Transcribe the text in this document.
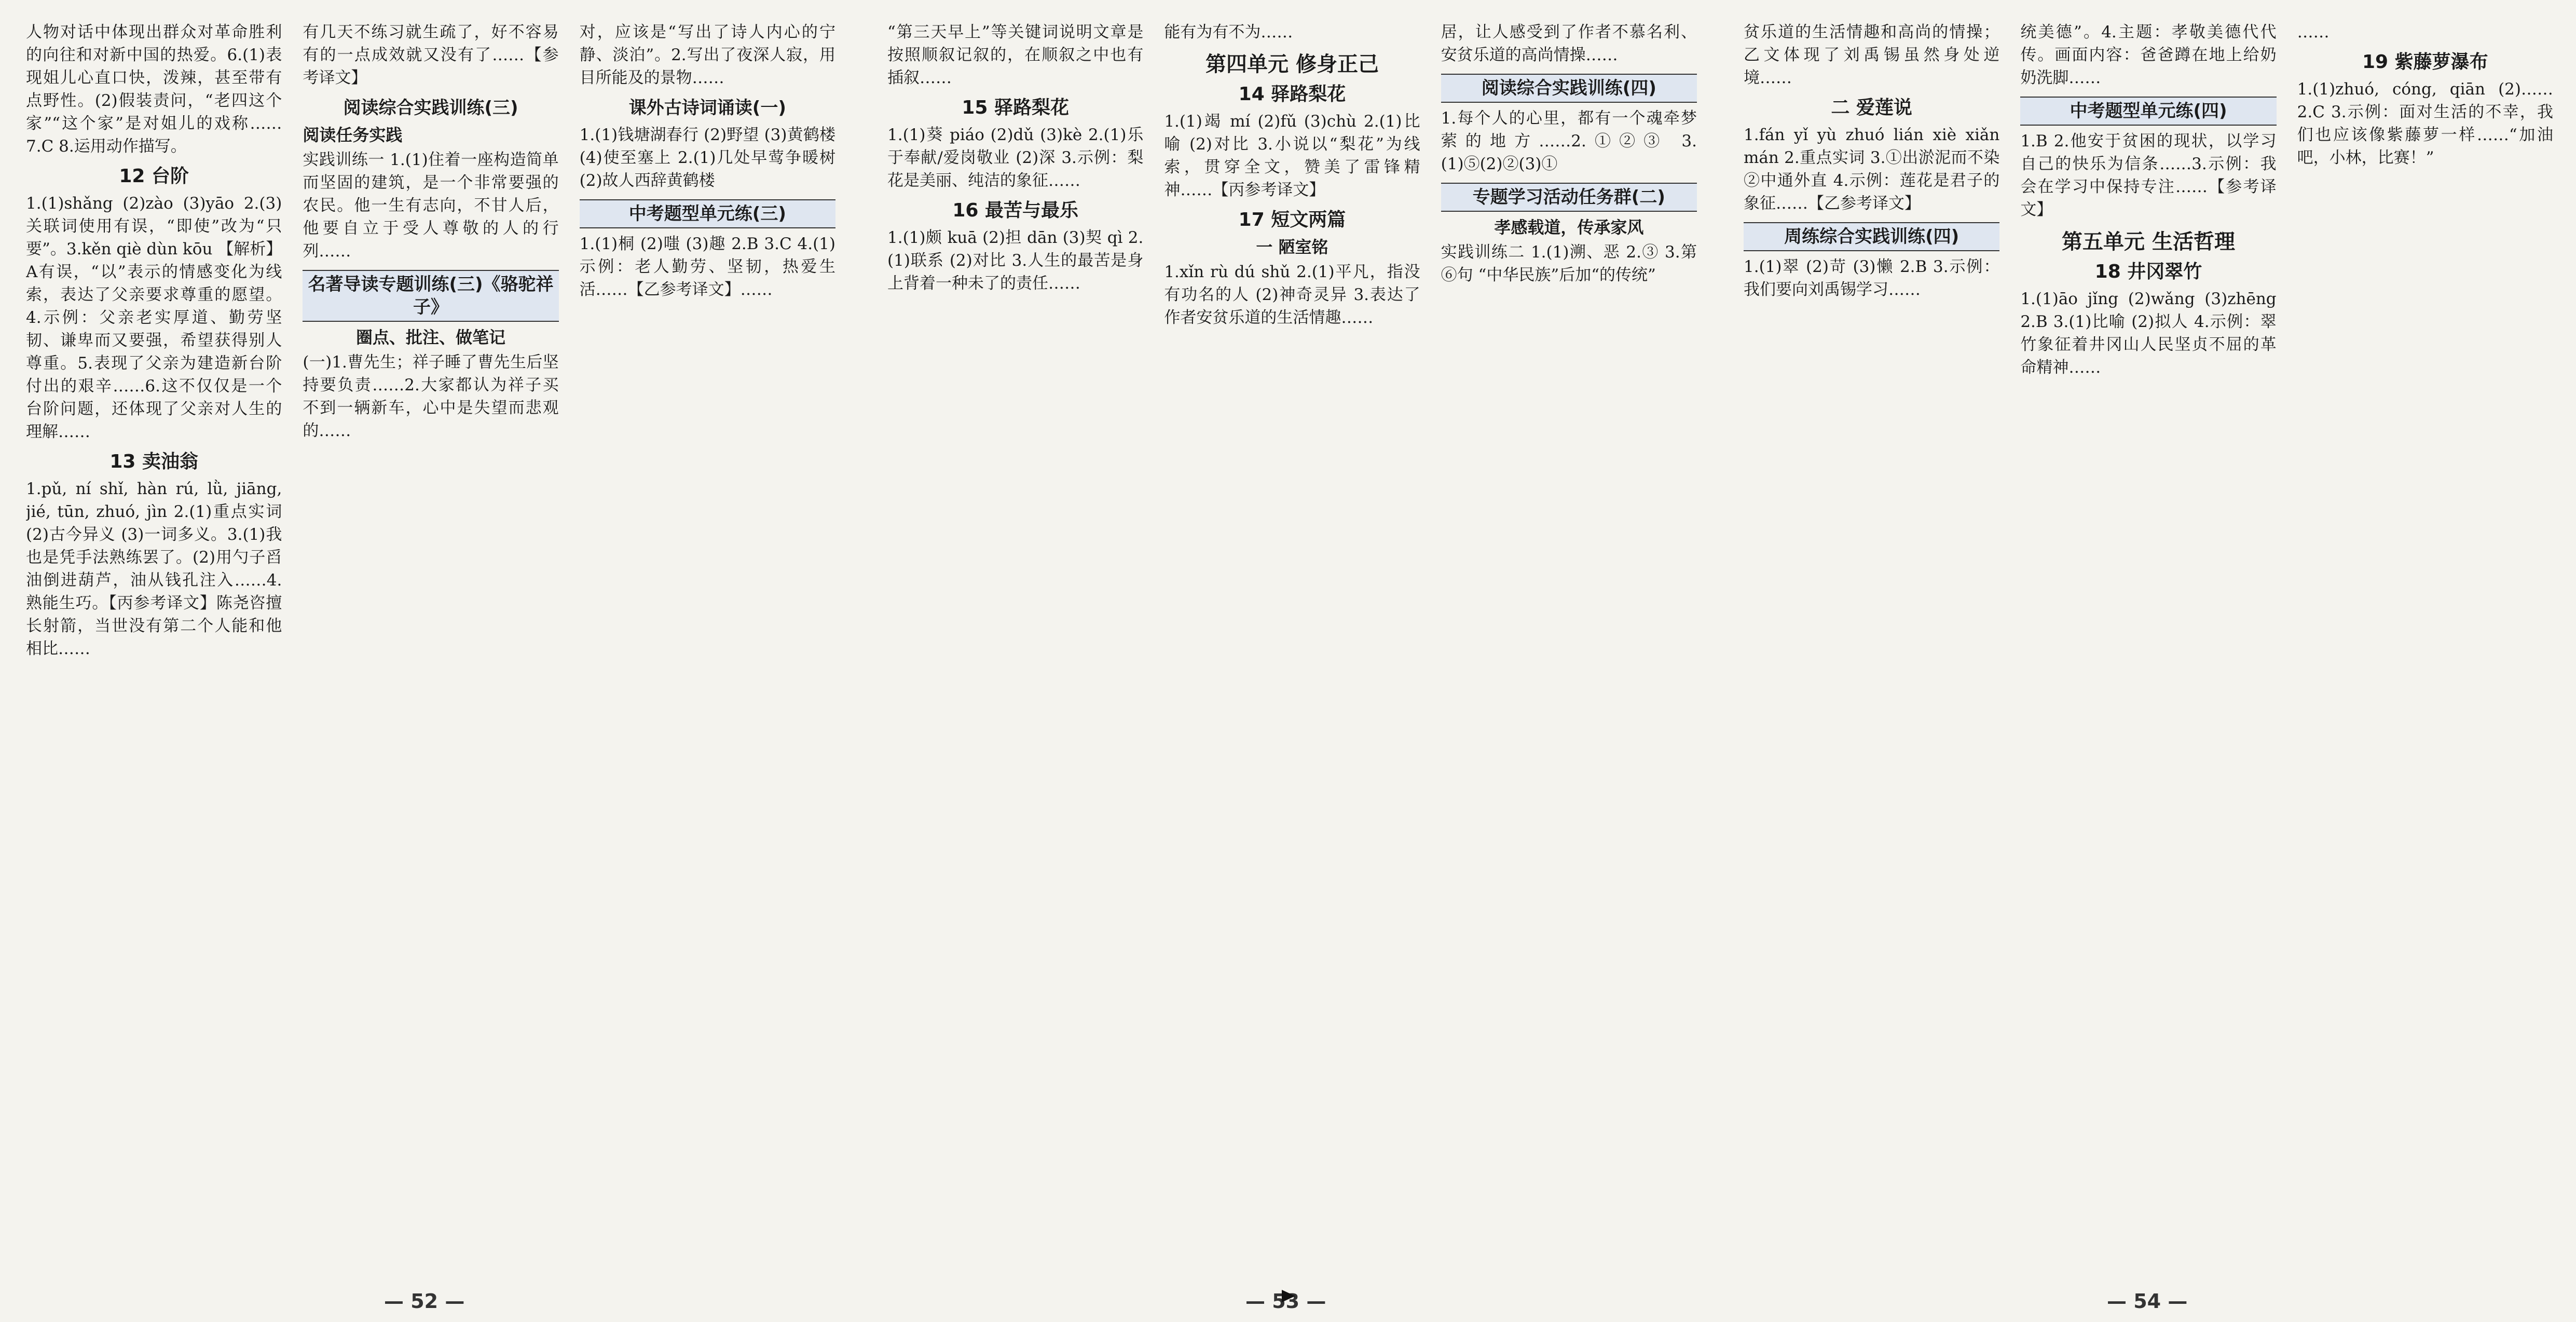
人物对话中体现出群众对革命胜利的向往和对新中国的热爱。6.(1)表现姐儿心直口快，泼辣，甚至带有点野性。(2)假装责问，“老四这个家”“这个家”是对姐儿的戏称……7.C 8.运用动作描写。

12 台阶

1.(1)shǎng (2)zào (3)yāo 2.(3)关联词使用有误，“即使”改为“只要”。3.kěn qiè dùn kōu 【解析】A有误，“以”表示的情感变化为线索，表达了父亲要求尊重的愿望。4.示例：父亲老实厚道、勤劳坚韧、谦卑而又要强，希望获得别人尊重。5.表现了父亲为建造新台阶付出的艰辛……6.这不仅仅是一个台阶问题，还体现了父亲对人生的理解……

13 卖油翁

1.pǔ, ní shǐ, hàn rú, lǜ, jiāng, jié, tūn, zhuó, jìn 2.(1)重点实词 (2)古今异义 (3)一词多义。3.(1)我也是凭手法熟练罢了。(2)用勺子舀油倒进葫芦，油从钱孔注入……4.熟能生巧。【丙参考译文】陈尧咨擅长射箭，当世没有第二个人能和他相比……

有几天不练习就生疏了，好不容易有的一点成效就又没有了……【参考译文】

阅读综合实践训练(三)
阅读任务实践

实践训练一 1.(1)住着一座构造简单而坚固的建筑，是一个非常要强的农民。他一生有志向，不甘人后，他要自立于受人尊敬的人的行列……

名著导读专题训练(三)《骆驼祥子》
圈点、批注、做笔记

(一)1.曹先生；祥子睡了曹先生后坚持要负责……2.大家都认为祥子买不到一辆新车，心中是失望而悲观的……

对，应该是“写出了诗人内心的宁静、淡泊”。2.写出了夜深人寂，用目所能及的景物……

课外古诗词诵读(一)

1.(1)钱塘湖春行 (2)野望 (3)黄鹤楼 (4)使至塞上 2.(1)几处早莺争暖树 (2)故人西辞黄鹤楼

中考题型单元练(三)

1.(1)桐 (2)嗤 (3)趣 2.B 3.C 4.(1)示例：老人勤劳、坚韧，热爱生活……【乙参考译文】……

— 52 —

“第三天早上”等关键词说明文章是按照顺叙记叙的，在顺叙之中也有插叙……

15 驿路梨花

1.(1)葵 piáo (2)dǔ (3)kè 2.(1)乐于奉献/爱岗敬业 (2)深 3.示例：梨花是美丽、纯洁的象征……

16 最苦与最乐

1.(1)颇 kuā (2)担 dān (3)契 qì 2.(1)联系 (2)对比 3.人生的最苦是身上背着一种未了的责任……

能有为有不为……

第四单元 修身正己
14 驿路梨花

1.(1)竭 mí (2)fǔ (3)chù 2.(1)比喻 (2)对比 3.小说以“梨花”为线索，贯穿全文，赞美了雷锋精神……【丙参考译文】

17 短文两篇
一 陋室铭

1.xǐn rù dú shǔ 2.(1)平凡，指没有功名的人 (2)神奇灵异 3.表达了作者安贫乐道的生活情趣……

居，让人感受到了作者不慕名利、安贫乐道的高尚情操……

阅读综合实践训练(四)

1.每个人的心里，都有一个魂牵梦萦的地方……2.①②③ 3.(1)⑤(2)②(3)①

专题学习活动任务群(二)
孝感载道，传承家风

实践训练二 1.(1)溯、恶 2.③ 3.第⑥句 “中华民族”后加“的传统”

— 53 —

贫乐道的生活情趣和高尚的情操；乙文体现了刘禹锡虽然身处逆境……

二 爱莲说

1.fán yǐ yù zhuó lián xiè xiǎn mán 2.重点实词 3.①出淤泥而不染 ②中通外直 4.示例：莲花是君子的象征……【乙参考译文】

周练综合实践训练(四)

1.(1)翠 (2)苛 (3)懒 2.B 3.示例：我们要向刘禹锡学习……

统美德”。4.主题：孝敬美德代代传。画面内容：爸爸蹲在地上给奶奶洗脚……

中考题型单元练(四)

1.B 2.他安于贫困的现状，以学习自己的快乐为信条……3.示例：我会在学习中保持专注……【参考译文】

第五单元 生活哲理
18 井冈翠竹

1.(1)āo jǐng (2)wǎng (3)zhēng 2.B 3.(1)比喻 (2)拟人 4.示例：翠竹象征着井冈山人民坚贞不屈的革命精神……

……

19 紫藤萝瀑布

1.(1)zhuó, cóng, qiān (2)……2.C 3.示例：面对生活的不幸，我们也应该像紫藤萝一样……“加油吧，小林，比赛！”

— 54 —
